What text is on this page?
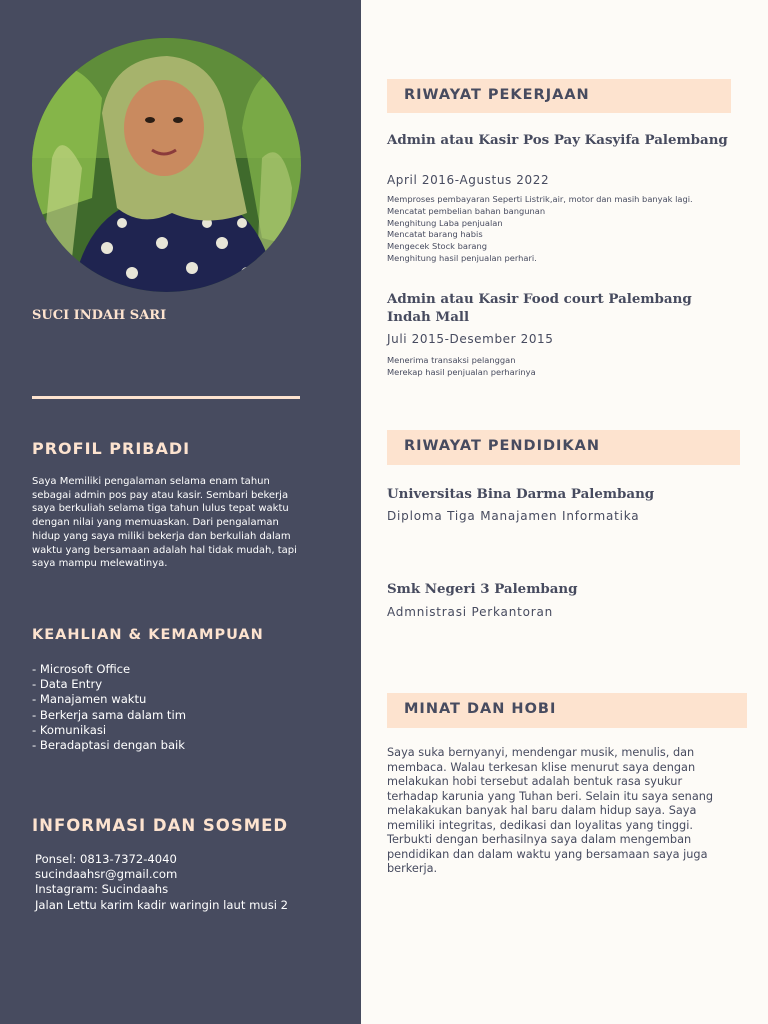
SUCI INDAH SARI
PROFIL PRIBADI
Saya Memiliki pengalaman selama enam tahun sebagai admin pos pay atau kasir. Sembari bekerja saya berkuliah selama tiga tahun lulus tepat waktu dengan nilai yang memuaskan. Dari pengalaman hidup yang saya miliki bekerja dan berkuliah dalam waktu yang bersamaan adalah hal tidak mudah, tapi saya mampu melewatinya.
KEAHLIAN & KEMAMPUAN
- Microsoft Office
- Data Entry
- Manajamen waktu
- Berkerja sama dalam tim
- Komunikasi
- Beradaptasi dengan baik
INFORMASI DAN SOSMED
Ponsel: 0813-7372-4040
sucindaahsr@gmail.com
Instagram: Sucindaahs
Jalan Lettu karim kadir waringin laut musi 2
RIWAYAT PEKERJAAN
Admin atau Kasir Pos Pay Kasyifa Palembang
April 2016-Agustus 2022
Memproses pembayaran Seperti Listrik,air, motor dan masih banyak lagi.
Mencatat pembelian bahan bangunan
Menghitung Laba penjualan
Mencatat barang habis
Mengecek Stock barang
Menghitung hasil penjualan perhari.
Admin atau Kasir Food court Palembang Indah Mall
Juli 2015-Desember 2015
Menerima transaksi pelanggan
Merekap hasil penjualan perharinya
RIWAYAT PENDIDIKAN
Universitas Bina Darma Palembang
Diploma Tiga Manajamen Informatika
Smk Negeri 3 Palembang
Admnistrasi Perkantoran
MINAT DAN HOBI
Saya suka bernyanyi, mendengar musik, menulis, dan membaca. Walau terkesan klise menurut saya dengan melakukan hobi tersebut adalah bentuk rasa syukur terhadap karunia yang Tuhan beri. Selain itu saya senang melakakukan banyak hal baru dalam hidup saya. Saya memiliki integritas, dedikasi dan loyalitas yang tinggi. Terbukti dengan berhasilnya saya dalam mengemban pendidikan dan dalam waktu yang bersamaan saya juga berkerja.
